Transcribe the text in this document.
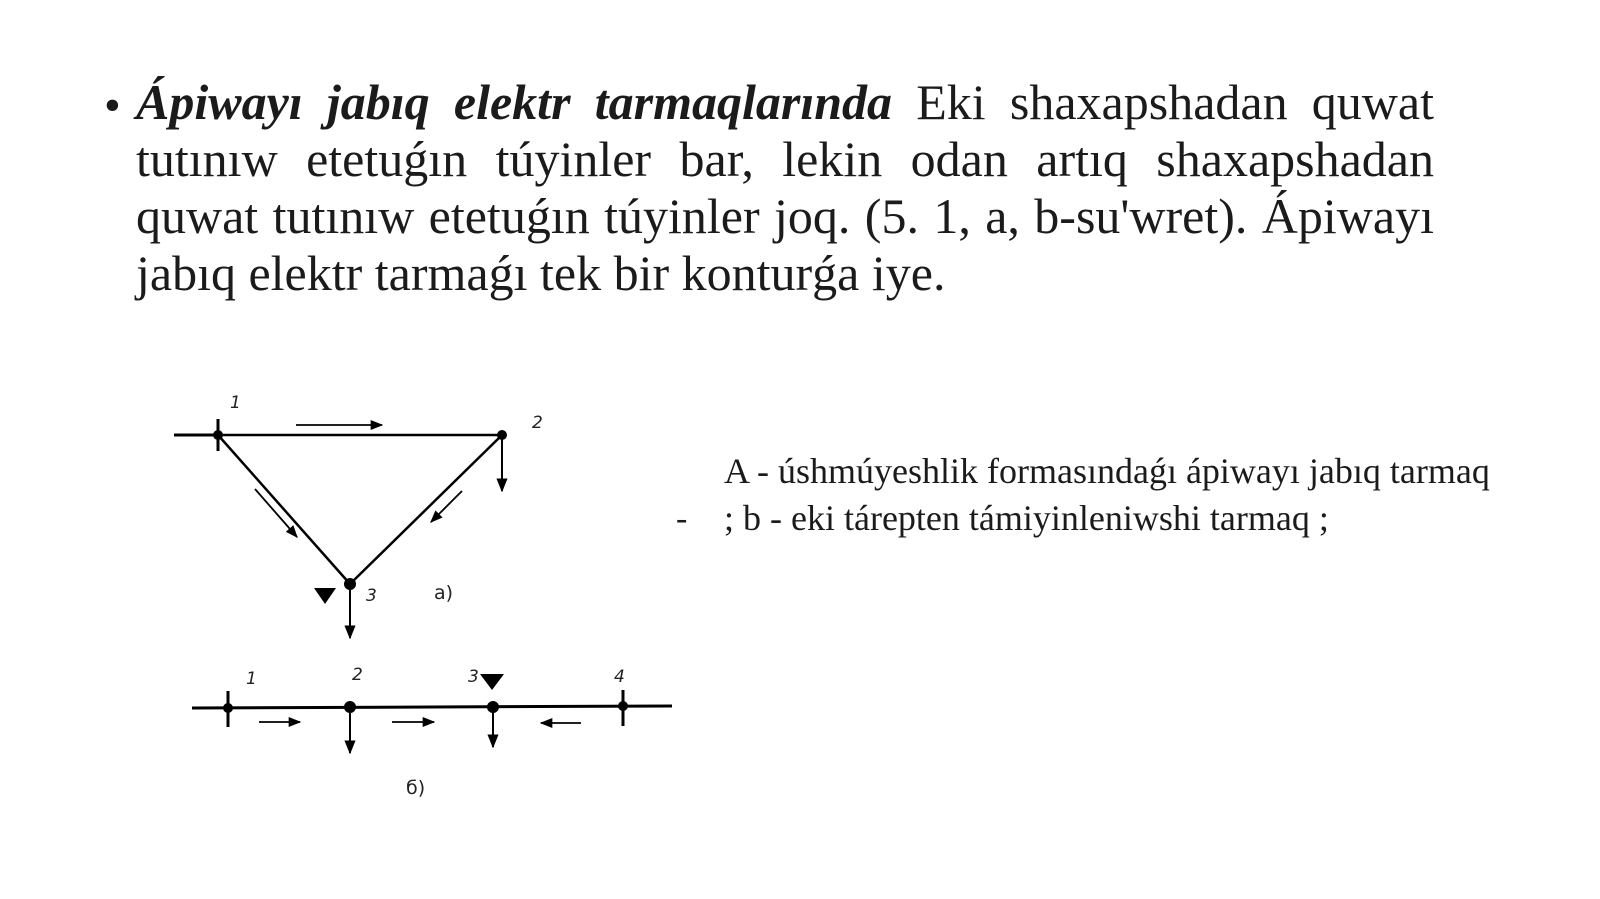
• Ápiwayı jabıq elektr tarmaqlarında Eki shaxapshadan quwat tutınıw etetuǵın túyinler bar, lekin odan artıq shaxapshadan quwat tutınıw etetuǵın túyinler joq. (5. 1, a, b-su'wret). Ápiwayı jabıq elektr tarmaǵı tek bir konturǵa iye.
1
2
3	a)
1	2	3	4
б)
-
A - úshmúyeshlik formasındaǵı ápiwayı jabıq tarmaq ; b - eki tárepten támiyinleniwshi tarmaq ;
